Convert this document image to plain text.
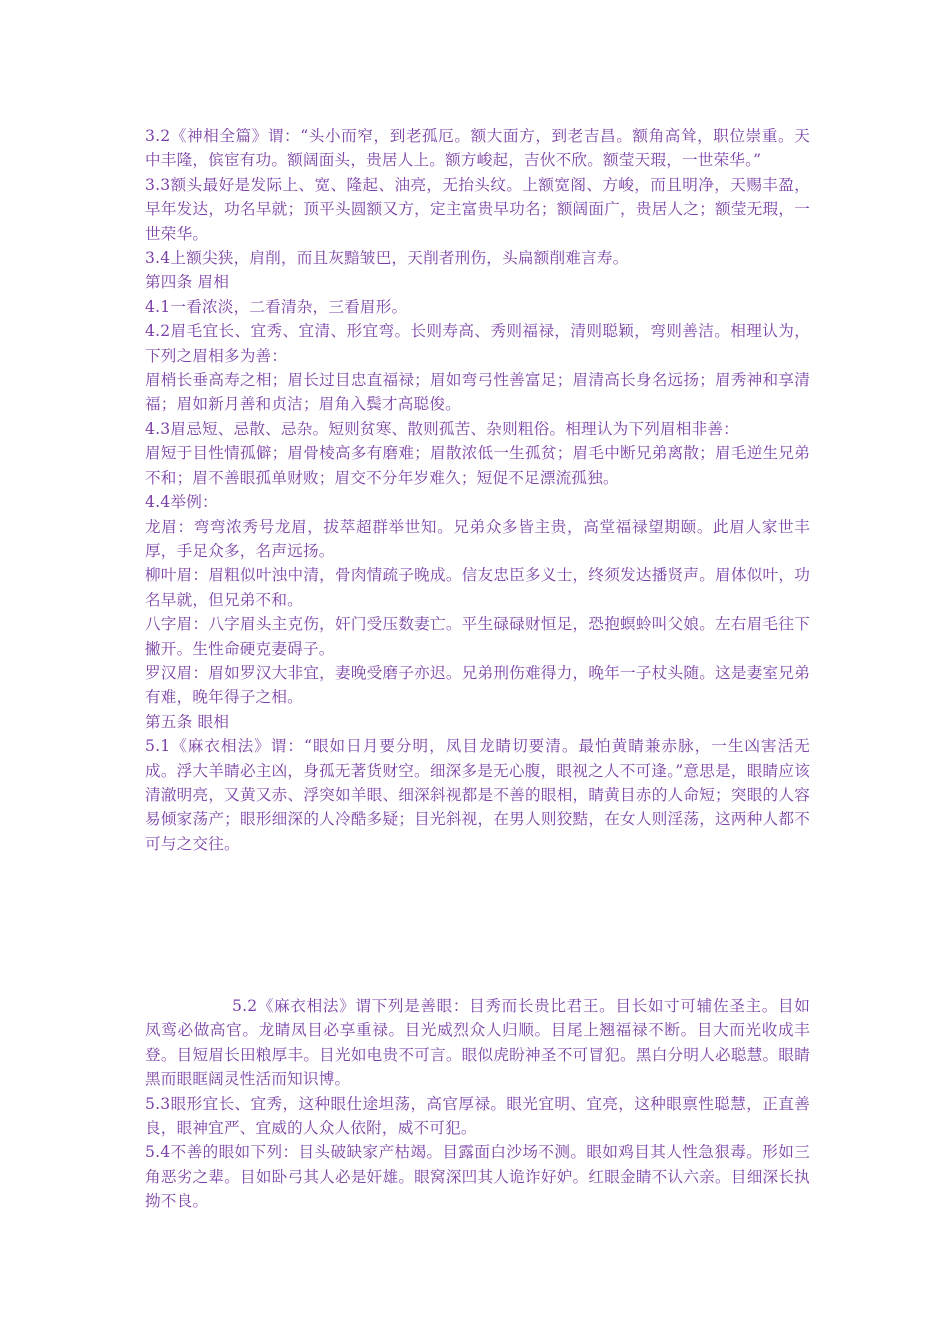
3.2《神相全篇》谓：“头小而窄，到老孤厄。额大面方，到老吉昌。额角高耸，职位崇重。天中丰隆，傧宦有功。额阔面头，贵居人上。额方峻起，吉伙不欣。额莹天瑕，一世荣华。”

3.3额头最好是发际上、宽、隆起、油亮，无抬头纹。上额宽阁、方峻，而且明净，天赐丰盈，早年发达，功名早就；顶平头圆额又方，定主富贵早功名；额阔面广，贵居人之；额莹无瑕，一世荣华。

3.4上额尖狭，肩削，而且灰黯皱巴，天削者刑伤，头扁额削难言寿。

第四条 眉相

4.1一看浓淡，二看清杂，三看眉形。

4.2眉毛宜长、宜秀、宜清、形宜弯。长则寿高、秀则福禄，清则聪颖，弯则善洁。相理认为，下列之眉相多为善：

眉梢长垂高寿之相；眉长过目忠直福禄；眉如弯弓性善富足；眉清高长身名远扬；眉秀神和享清福；眉如新月善和贞洁；眉角入鬓才高聪俊。

4.3眉忌短、忌散、忌杂。短则贫寒、散则孤苦、杂则粗俗。相理认为下列眉相非善：

眉短于目性情孤僻；眉骨棱高多有磨难；眉散浓低一生孤贫；眉毛中断兄弟离散；眉毛逆生兄弟不和；眉不善眼孤单财败；眉交不分年岁难久；短促不足漂流孤独。

4.4举例：

龙眉：弯弯浓秀号龙眉，拔萃超群举世知。兄弟众多皆主贵，高堂福禄望期颐。此眉人家世丰厚，手足众多，名声远扬。

柳叶眉：眉粗似叶浊中清，骨肉情疏子晚成。信友忠臣多义士，终须发达播贤声。眉体似叶，功名早就，但兄弟不和。

八字眉：八字眉头主克伤，奸门受压数妻亡。平生碌碌财恒足，恐抱螟蛉叫父娘。左右眉毛往下撇开。生性命硬克妻碍子。

罗汉眉：眉如罗汉大非宜，妻晚受磨子亦迟。兄弟刑伤难得力，晚年一子杖头随。这是妻室兄弟有难，晚年得子之相。

第五条 眼相

5.1《麻衣相法》谓：“眼如日月要分明，凤目龙睛切要清。最怕黄睛兼赤脉，一生凶害活无成。浮大羊睛必主凶，身孤无著货财空。细深多是无心腹，眼视之人不可逢。”意思是，眼睛应该清澈明亮，又黄又赤、浮突如羊眼、细深斜视都是不善的眼相，睛黄目赤的人命短；突眼的人容易倾家荡产；眼形细深的人冷酷多疑；目光斜视，在男人则狡黠，在女人则淫荡，这两种人都不可与之交往。

5.2《麻衣相法》谓下列是善眼：目秀而长贵比君王。目长如寸可辅佐圣主。目如凤鸾必做高官。龙睛凤目必享重禄。目光威烈众人归顺。目尾上翘福禄不断。目大而光收成丰登。目短眉长田粮厚丰。目光如电贵不可言。眼似虎盼神圣不可冒犯。黑白分明人必聪慧。眼睛黑而眼眶阔灵性活而知识博。

5.3眼形宜长、宜秀，这种眼仕途坦荡，高官厚禄。眼光宜明、宜亮，这种眼禀性聪慧，正直善良，眼神宜严、宜威的人众人依附，威不可犯。

5.4不善的眼如下列：目头破缺家产枯竭。目露面白沙场不测。眼如鸡目其人性急狠毒。形如三角恶劣之辈。目如卧弓其人必是奸雄。眼窝深凹其人诡诈好妒。红眼金睛不认六亲。目细深长执拗不良。
